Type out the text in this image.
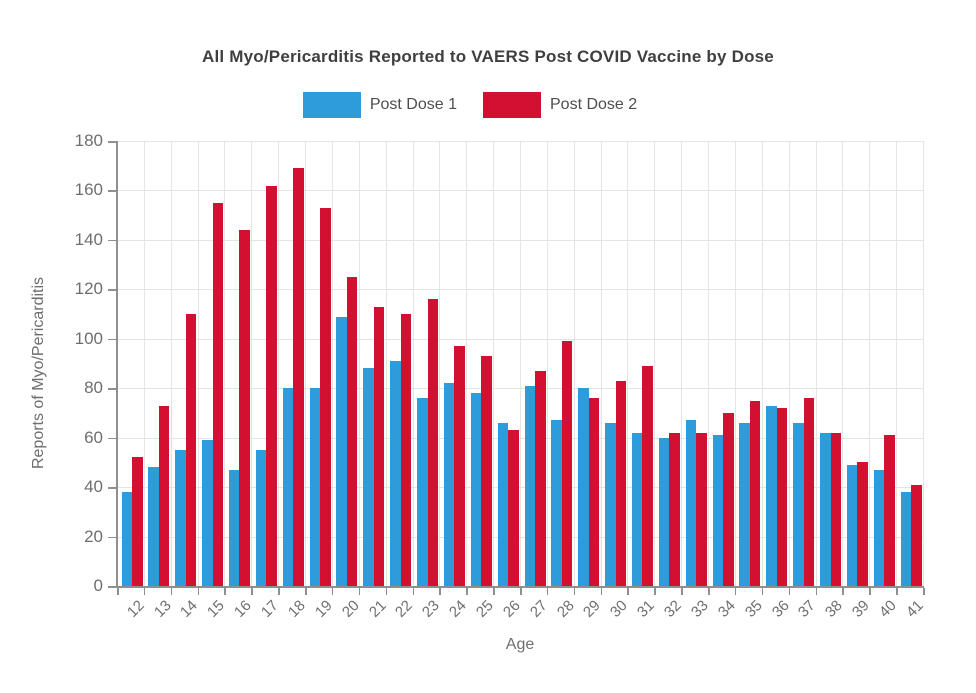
All Myo/Pericarditis Reported to VAERS Post COVID Vaccine by Dose
Post Dose 1	Post Dose 2
Reports of Myo/Pericarditis
Age
0
20
40
60
80
100
120
140
160
180
12 13 14 15 16 17 18 19 20 21 22 23 24 25 26 27 28 29 30 31 32 33 34 35 36 37 38 39 40 41
